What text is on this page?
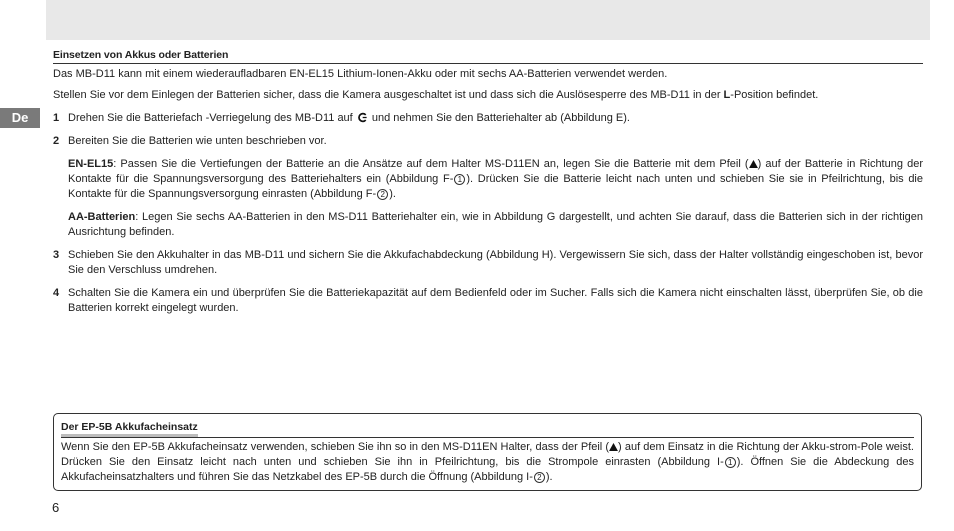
De
Einsetzen von Akkus oder Batterien

Das MB-D11 kann mit einem wiederaufladbaren EN-EL15 Lithium-Ionen-Akku oder mit sechs AA-Batterien verwendet werden.

Stellen Sie vor dem Einlegen der Batterien sicher, dass die Kamera ausgeschaltet ist und dass sich die Auslösesperre des MB-D11 in der L-Position befindet.

1 Drehen Sie die Batteriefach -Verriegelung des MB-D11 auf und nehmen Sie den Batteriehalter ab (Abbildung E).
2 Bereiten Sie die Batterien wie unten beschrieben vor.
EN-EL15: Passen Sie die Vertiefungen der Batterie an die Ansätze auf dem Halter MS-D11EN an, legen Sie die Batterie mit dem Pfeil ( ) auf der Batterie in Richtung der Kontakte für die Spannungsversorgung des Batteriehalters ein (Abbildung F- 1 ). Drücken Sie die Batterie leicht nach unten und schieben Sie sie in Pfeilrichtung, bis die Kontakte für die Spannungsversorgung einrasten (Abbildung F- 2 ).
AA-Batterien: Legen Sie sechs AA-Batterien in den MS-D11 Batteriehalter ein, wie in Abbildung G dargestellt, und achten Sie darauf, dass die Batterien sich in der richtigen Ausrichtung befinden.
3 Schieben Sie den Akkuhalter in das MB-D11 und sichern Sie die Akkufachabdeckung (Abbildung H). Vergewissern Sie sich, dass der Halter vollständig eingeschoben ist, bevor Sie den Verschluss umdrehen.
4 Schalten Sie die Kamera ein und überprüfen Sie die Batteriekapazität auf dem Bedienfeld oder im Sucher. Falls sich die Kamera nicht einschalten lässt, überprüfen Sie, ob die Batterien korrekt eingelegt wurden.
Der EP-5B Akkufacheinsatz

Wenn Sie den EP-5B Akkufacheinsatz verwenden, schieben Sie ihn so in den MS-D11EN Halter, dass der Pfeil ( ) auf dem Einsatz in die Richtung der Akku-strom-Pole weist. Drücken Sie den Einsatz leicht nach unten und schieben Sie ihn in Pfeilrichtung, bis die Strompole einrasten (Abbildung I- 1 ). Öffnen Sie die Abdeckung des Akkufacheinsatzhalters und führen Sie das Netzkabel des EP-5B durch die Öffnung (Abbildung I- 2 ).

6
